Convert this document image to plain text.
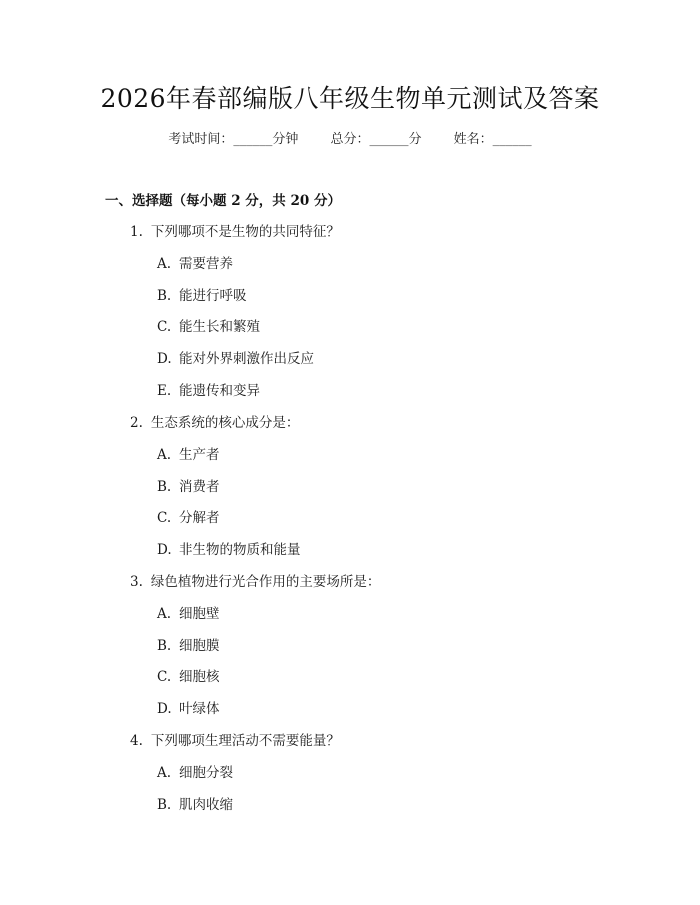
2026年春部编版八年级生物单元测试及答案
考试时间：______分钟 总分：______分 姓名：______
一、选择题（每小题 2 分，共 20 分）
1. 下列哪项不是生物的共同特征？
A. 需要营养
B. 能进行呼吸
C. 能生长和繁殖
D. 能对外界刺激作出反应
E. 能遗传和变异
2. 生态系统的核心成分是：
A. 生产者
B. 消费者
C. 分解者
D. 非生物的物质和能量
3. 绿色植物进行光合作用的主要场所是：
A. 细胞壁
B. 细胞膜
C. 细胞核
D. 叶绿体
4. 下列哪项生理活动不需要能量？
A. 细胞分裂
B. 肌肉收缩
